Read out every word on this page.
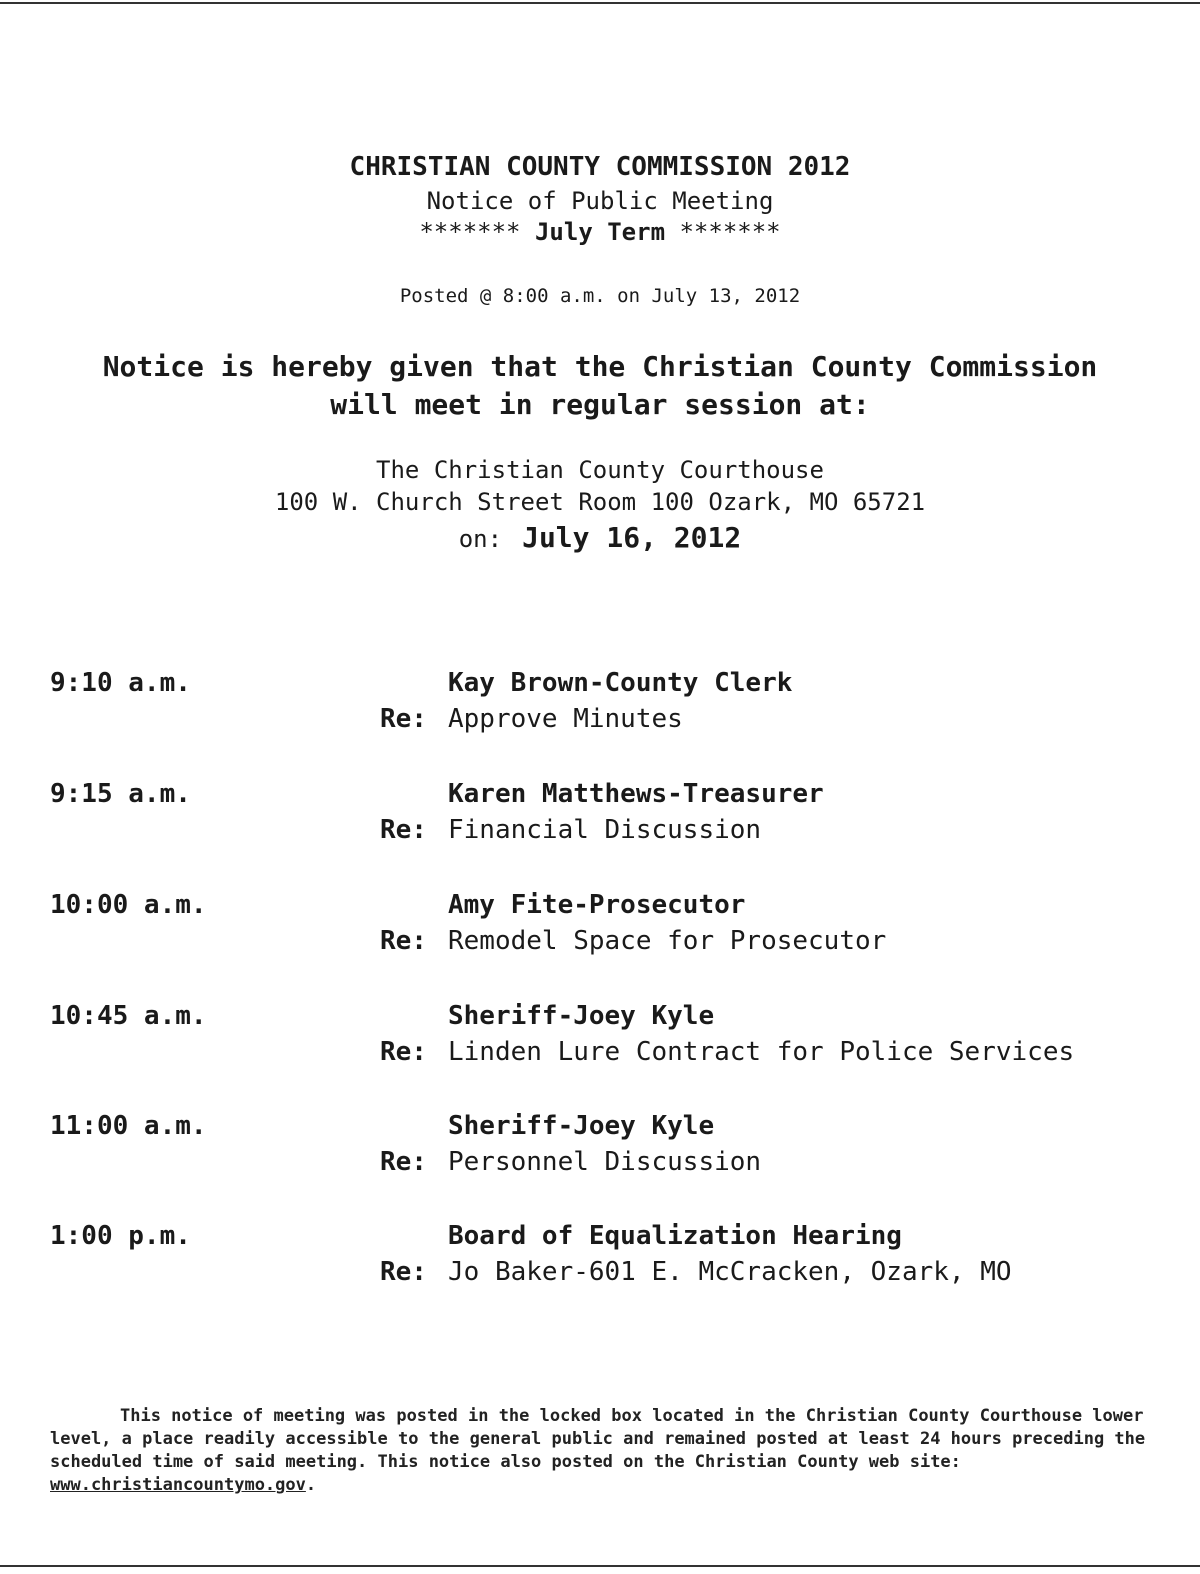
CHRISTIAN COUNTY COMMISSION 2012
Notice of Public Meeting
******* July Term *******
Posted @ 8:00 a.m. on July 13, 2012
Notice is hereby given that the Christian County Commission
will meet in regular session at:
The Christian County Courthouse
100 W. Church Street Room 100 Ozark, MO 65721
on: July 16, 2012
9:10 a.m.	Kay Brown-County Clerk
Re: Approve Minutes
9:15 a.m.	Karen Matthews-Treasurer
Re: Financial Discussion
10:00 a.m.	Amy Fite-Prosecutor
Re: Remodel Space for Prosecutor
10:45 a.m.	Sheriff-Joey Kyle
Re: Linden Lure Contract for Police Services
11:00 a.m.	Sheriff-Joey Kyle
Re: Personnel Discussion
1:00 p.m.	Board of Equalization Hearing
Re: Jo Baker-601 E. McCracken, Ozark, MO
This notice of meeting was posted in the locked box located in the Christian County Courthouse lower level, a place readily accessible to the general public and remained posted at least 24 hours preceding the scheduled time of said meeting. This notice also posted on the Christian County web site: www.christiancountymo.gov.
